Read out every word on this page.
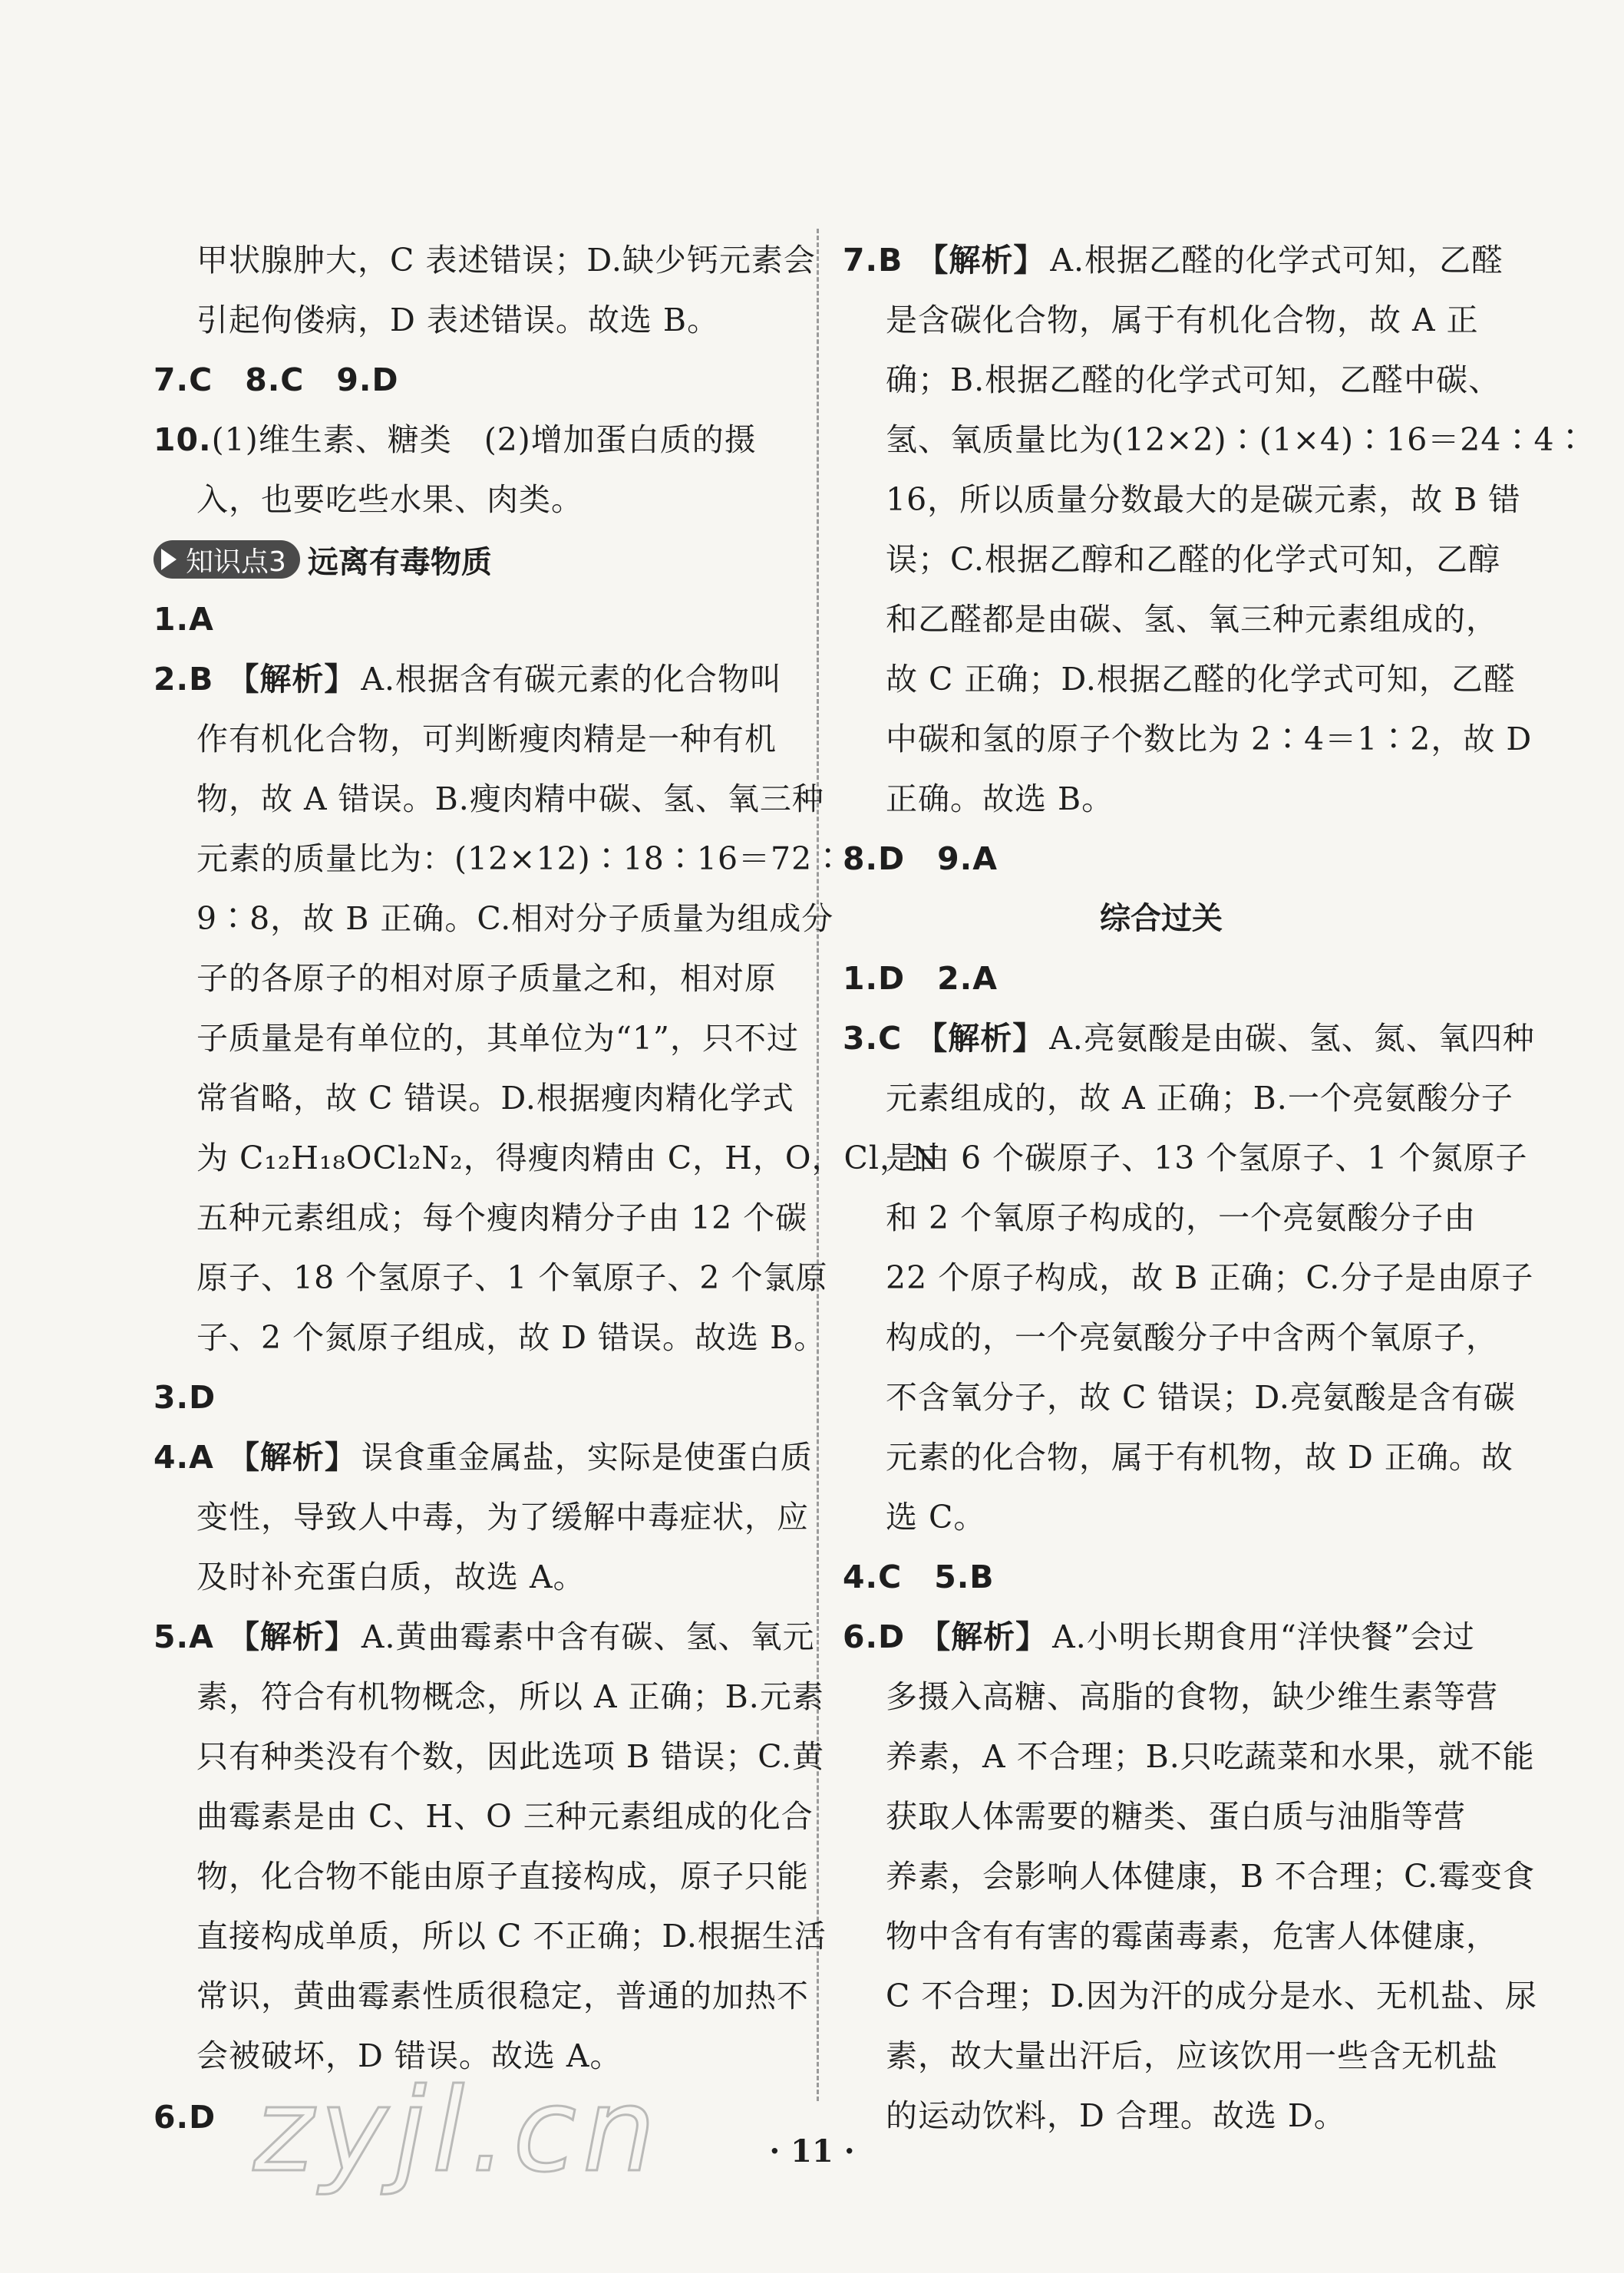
甲状腺肿大，C 表述错误；D.缺少钙元素会
引起佝偻病，D 表述错误。故选 B。
7.C　8.C　9.D
10.(1)维生素、糖类　(2)增加蛋白质的摄
入，也要吃些水果、肉类。
知识点3 远离有毒物质
1.A
2.B 【解析】 A.根据含有碳元素的化合物叫
作有机化合物，可判断瘦肉精是一种有机
物，故 A 错误。B.瘦肉精中碳、氢、氧三种
元素的质量比为：(12×12)∶18∶16＝72∶
9∶8，故 B 正确。C.相对分子质量为组成分
子的各原子的相对原子质量之和，相对原
子质量是有单位的，其单位为“1”，只不过
常省略，故 C 错误。D.根据瘦肉精化学式
为 C₁₂H₁₈OCl₂N₂，得瘦肉精由 C，H，O，Cl，N
五种元素组成；每个瘦肉精分子由 12 个碳
原子、18 个氢原子、1 个氧原子、2 个氯原
子、2 个氮原子组成，故 D 错误。故选 B。
3.D
4.A 【解析】 误食重金属盐，实际是使蛋白质
变性，导致人中毒，为了缓解中毒症状，应
及时补充蛋白质，故选 A。
5.A 【解析】 A.黄曲霉素中含有碳、氢、氧元
素，符合有机物概念，所以 A 正确；B.元素
只有种类没有个数，因此选项 B 错误；C.黄
曲霉素是由 C、H、O 三种元素组成的化合
物，化合物不能由原子直接构成，原子只能
直接构成单质，所以 C 不正确；D.根据生活
常识，黄曲霉素性质很稳定，普通的加热不
会被破坏，D 错误。故选 A。
6.D
7.B 【解析】 A.根据乙醛的化学式可知，乙醛
是含碳化合物，属于有机化合物，故 A 正
确；B.根据乙醛的化学式可知，乙醛中碳、
氢、氧质量比为(12×2)∶(1×4)∶16＝24∶4∶
16，所以质量分数最大的是碳元素，故 B 错
误；C.根据乙醇和乙醛的化学式可知，乙醇
和乙醛都是由碳、氢、氧三种元素组成的，
故 C 正确；D.根据乙醛的化学式可知，乙醛
中碳和氢的原子个数比为 2∶4＝1∶2，故 D
正确。故选 B。
8.D　9.A
综合过关
1.D　2.A
3.C 【解析】 A.亮氨酸是由碳、氢、氮、氧四种
元素组成的，故 A 正确；B.一个亮氨酸分子
是由 6 个碳原子、13 个氢原子、1 个氮原子
和 2 个氧原子构成的，一个亮氨酸分子由
22 个原子构成，故 B 正确；C.分子是由原子
构成的，一个亮氨酸分子中含两个氧原子，
不含氧分子，故 C 错误；D.亮氨酸是含有碳
元素的化合物，属于有机物，故 D 正确。故
选 C。
4.C　5.B
6.D 【解析】 A.小明长期食用“洋快餐”会过
多摄入高糖、高脂的食物，缺少维生素等营
养素，A 不合理；B.只吃蔬菜和水果，就不能
获取人体需要的糖类、蛋白质与油脂等营
养素，会影响人体健康，B 不合理；C.霉变食
物中含有有害的霉菌毒素，危害人体健康，
C 不合理；D.因为汗的成分是水、无机盐、尿
素，故大量出汗后，应该饮用一些含无机盐
的运动饮料，D 合理。故选 D。
zyjl.cn	· 11 ·
